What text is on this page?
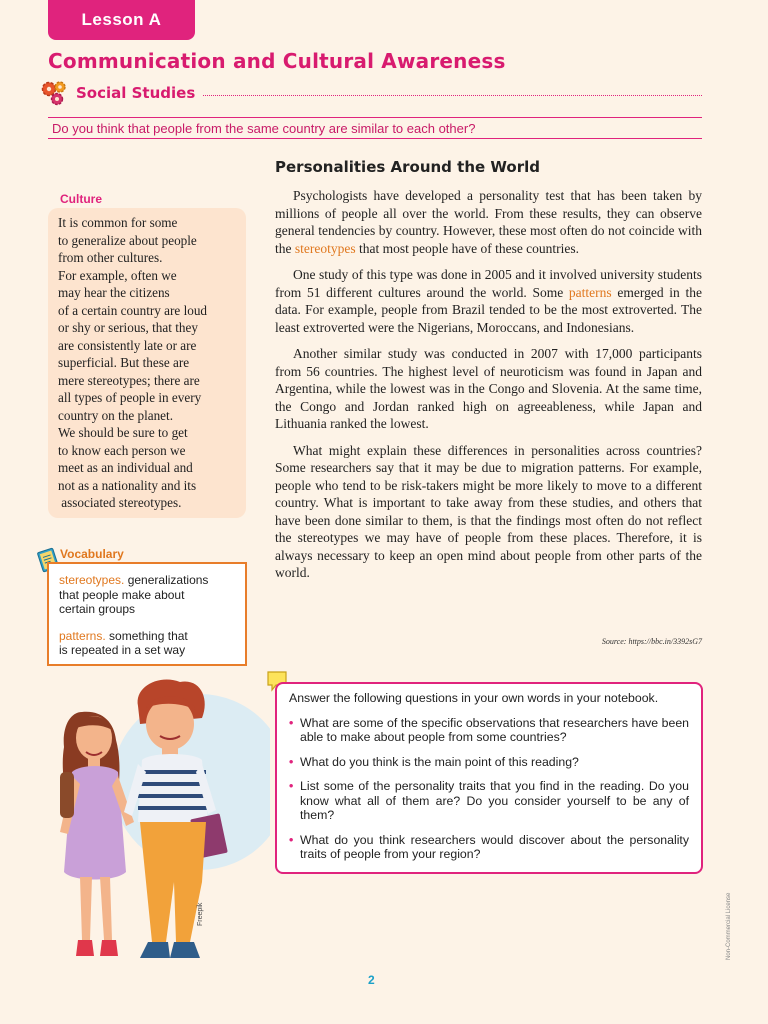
Lesson A
Communication and Cultural Awareness
Social Studies
Do you think that people from the same country are similar to each other?
Culture

It is common for some

to generalize about people

from other cultures.

For example, often we

may hear the citizens

of a certain country are loud

or shy or serious, that they

are consistently late or are

superficial. But these are

mere stereotypes; there are

all types of people in every

country on the planet.

We should be sure to get

to know each person we

meet as an individual and

not as a nationality and its

associated stereotypes.

Vocabulary
stereotypes. generalizations
that people make about
certain groups
patterns. something that
is repeated in a set way
Personalities Around the World

Psychologists have developed a personality test that has been taken by millions of people all over the world. From these results, they can observe general tendencies by country. However, these most often do not coincide with the stereotypes that most people have of these countries.

One study of this type was done in 2005 and it involved university students from 51 different cultures around the world. Some patterns emerged in the data. For example, people from Brazil tended to be the most extroverted. The least extroverted were the Nigerians, Moroccans, and Indonesians.

Another similar study was conducted in 2007 with 17,000 participants from 56 countries. The highest level of neuroticism was found in Japan and Argentina, while the lowest was in the Congo and Slovenia. At the same time, the Congo and Jordan ranked high on agreeableness, while Japan and Lithuania ranked the lowest.

What might explain these differences in personalities across countries? Some researchers say that it may be due to migration patterns. For example, people who tend to be risk-takers might be more likely to move to a different country. What is important to take away from these studies, and others that have been done similar to them, is that the findings most often do not reflect the stereotypes we may have of people from these places. Therefore, it is always necessary to keep an open mind about people from other parts of the world.

Source: https://bbc.in/3392sG7

Answer the following questions in your own words in your notebook.

• What are some of the specific observations that researchers have been able to make about people from some countries?
• What do you think is the main point of this reading?
• List some of the personality traits that you find in the reading. Do you know what all of them are? Do you consider yourself to be any of them?
• What do you think researchers would discover about the personality traits of people from your region?
Freepik	Non-Commercial License
2
